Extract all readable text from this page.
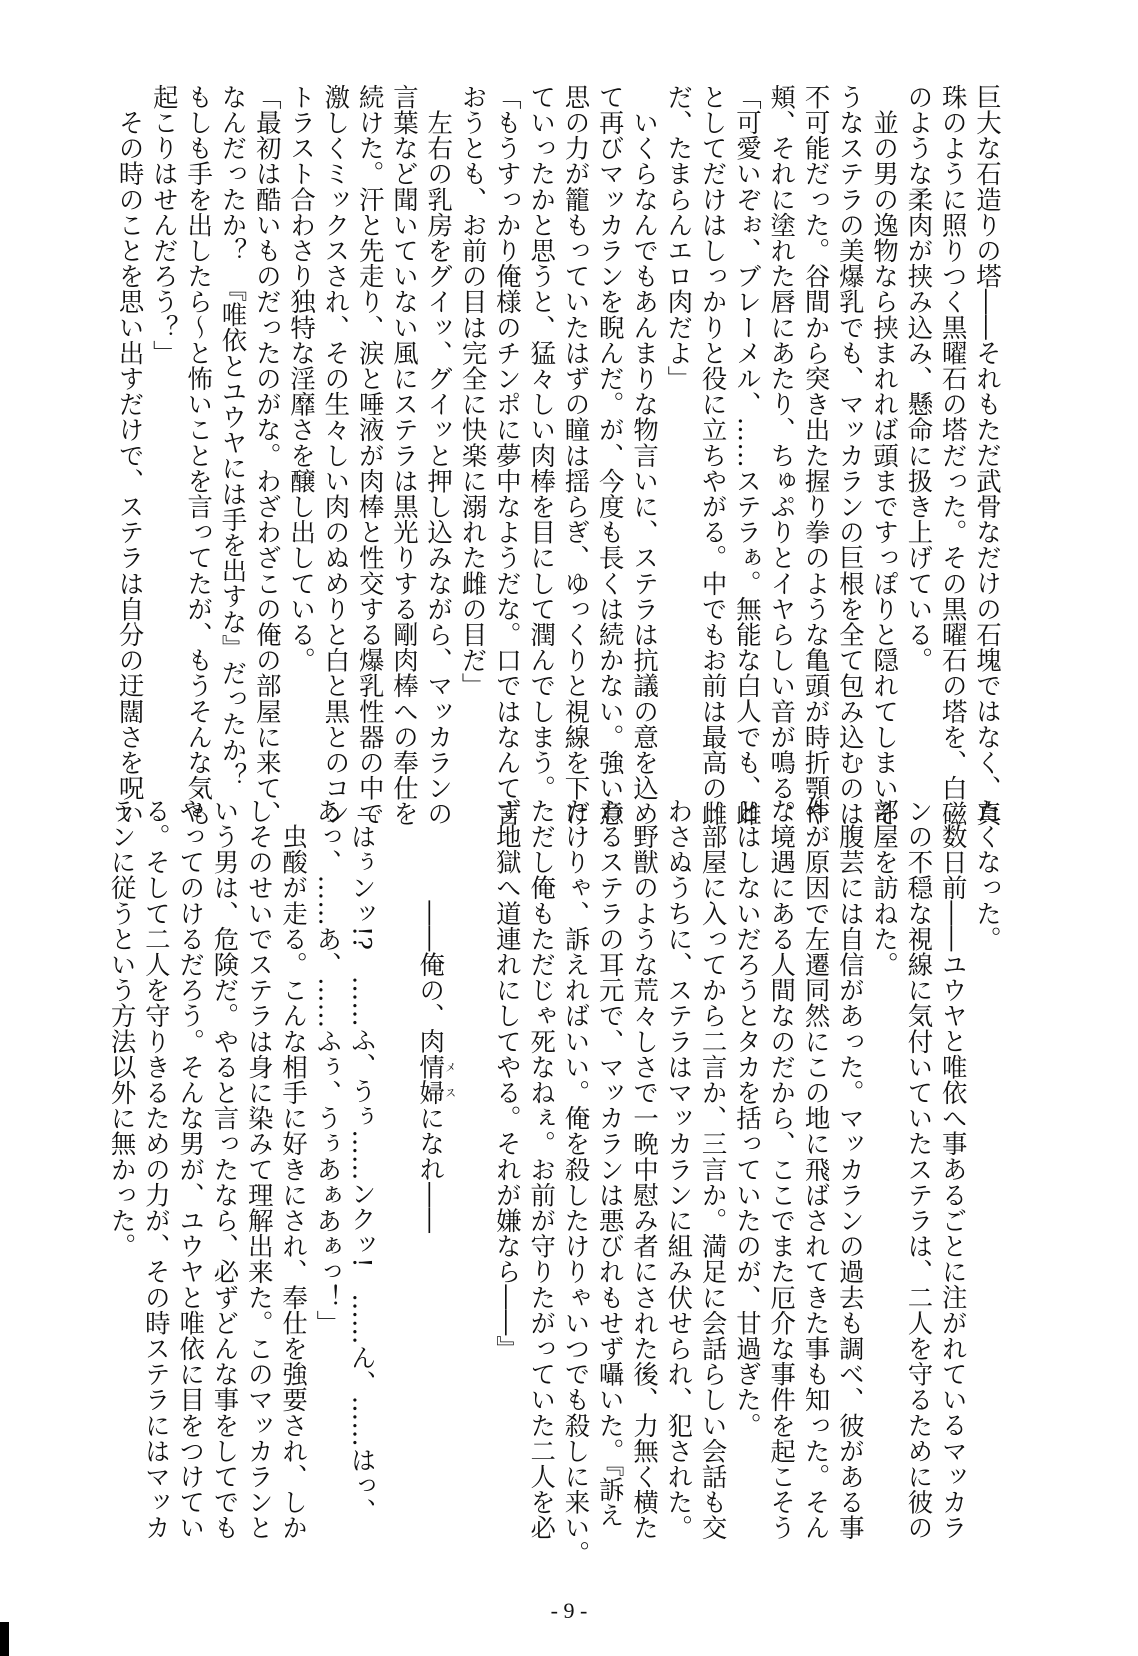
巨大な石造りの塔――それもただ武骨なだけの石塊ではなく、真
珠のように照りつく黒曜石の塔だった。その黒曜石の塔を、白磁
のような柔肉が挟み込み、懸命に扱き上げている。
　並の男の逸物なら挟まれれば頭まですっぽりと隠れてしまいそ
うなステラの美爆乳でも、マッカランの巨根を全て包み込むのは
不可能だった。谷間から突き出た握り拳のような亀頭が時折顎や
頬、それに塗れた唇にあたり、ちゅぷりとイヤらしい音が鳴る。
「可愛いぞぉ、ブレーメル、……ステラぁ。無能な白人でも、雌
としてだけはしっかりと役に立ちやがる。中でもお前は最高の雌
だ、たまらんエロ肉だよ」
　いくらなんでもあんまりな物言いに、ステラは抗議の意を込め
て再びマッカランを睨んだ。が、今度も長くは続かない。強い意
思の力が籠もっていたはずの瞳は揺らぎ、ゆっくりと視線を下げ
ていったかと思うと、猛々しい肉棒を目にして潤んでしまう。
「もうすっかり俺様のチンポに夢中なようだな。口ではなんて言
おうとも、お前の目は完全に快楽に溺れた雌の目だ」
　左右の乳房をグイッ、グイッと押し込みながら、マッカランの
言葉など聞いていない風にステラは黒光りする剛肉棒への奉仕を
続けた。汗と先走り、涙と唾液が肉棒と性交する爆乳性器の中で
激しくミックスされ、その生々しい肉のぬめりと白と黒とのコン
トラスト合わさり独特な淫靡さを醸し出している。
「最初は酷いものだったのがな。わざわざこの俺の部屋に来て、
なんだったか？　『唯依とユウヤには手を出すな』だったか？
もしも手を出したら～と怖いことを言ってたが、もうそんな気も
起こりはせんだろう？」
　その時のことを思い出すだけで、ステラは自分の迂闊さを呪い
たくなった。
　数日前――ユウヤと唯依へ事あるごとに注がれているマッカラ
ンの不穏な視線に気付いていたステラは、二人を守るために彼の
部屋を訪ねた。
　腹芸には自信があった。マッカランの過去も調べ、彼がある事
件が原因で左遷同然にこの地に飛ばされてきた事も知った。そん
な境遇にある人間なのだから、ここでまた厄介な事件を起こそう
とはしないだろうとタカを括っていたのが、甘過ぎた。
　部屋に入ってから二言か、三言か。満足に会話らしい会話も交
わさぬうちに、ステラはマッカランに組み伏せられ、犯された。
　野獣のような荒々しさで一晩中慰み者にされた後、力無く横た
わるステラの耳元で、マッカランは悪びれもせず囁いた。『訴え
たけりゃ、訴えればいい。俺を殺したけりゃいつでも殺しに来い。
ただし俺もただじゃ死なねぇ。お前が守りたがっていた二人を必
ず地獄へ道連れにしてやる。それが嫌なら――』

　　　　――俺の、肉情婦メスになれ――

「はぅンッ!?　……ふ、うぅ……ンクッ!　……ん、……はっ、
あっ、……あ、……ふぅ、うぅあぁあぁっ！」
　虫酸が走る。こんな相手に好きにされ、奉仕を強要され、しか
しそのせいでステラは身に染みて理解出来た。このマッカランと
いう男は、危険だ。やると言ったなら、必ずどんな事をしてでも
やってのけるだろう。そんな男が、ユウヤと唯依に目をつけてい
る。そして二人を守りきるための力が、その時ステラにはマッカ
ランに従うという方法以外に無かった。
- 9 -
